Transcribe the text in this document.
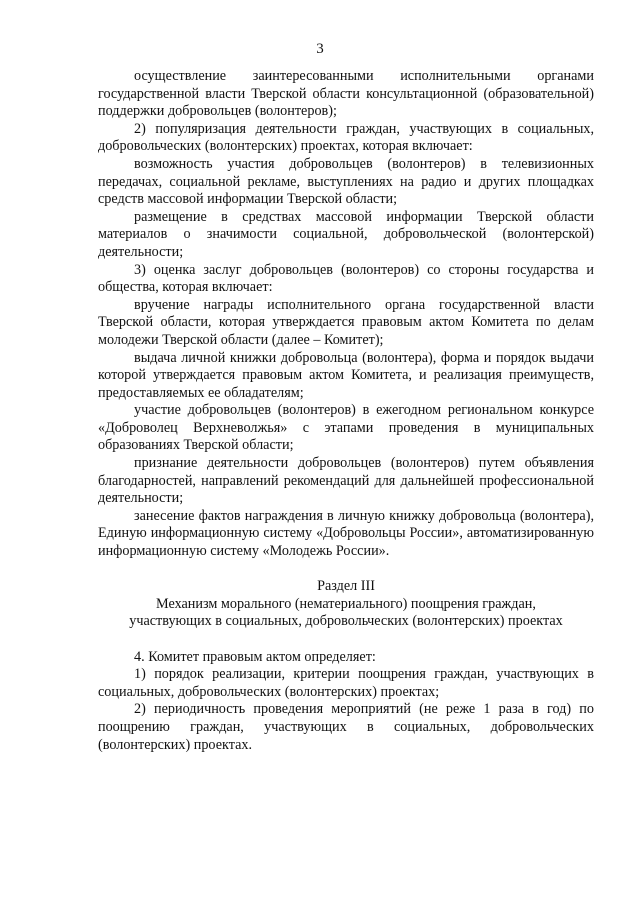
3

осуществление заинтересованными исполнительными органами государственной власти Тверской области консультационной (образовательной) поддержки добровольцев (волонтеров);

2) популяризация деятельности граждан, участвующих в социальных, добровольческих (волонтерских) проектах, которая включает:

возможность участия добровольцев (волонтеров) в телевизионных передачах, социальной рекламе, выступлениях на радио и других площадках средств массовой информации Тверской области;

размещение в средствах массовой информации Тверской области материалов о значимости социальной, добровольческой (волонтерской) деятельности;

3) оценка заслуг добровольцев (волонтеров) со стороны государства и общества, которая включает:

вручение награды исполнительного органа государственной власти Тверской области, которая утверждается правовым актом Комитета по делам молодежи Тверской области (далее – Комитет);

выдача личной книжки добровольца (волонтера), форма и порядок выдачи которой утверждается правовым актом Комитета, и реализация преимуществ, предоставляемых ее обладателям;

участие добровольцев (волонтеров) в ежегодном региональном конкурсе «Доброволец Верхневолжья» с этапами проведения в муниципальных образованиях Тверской области;

признание деятельности добровольцев (волонтеров) путем объявления благодарностей, направлений рекомендаций для дальнейшей профессиональной деятельности;

занесение фактов награждения в личную книжку добровольца (волонтера), Единую информационную систему «Добровольцы России», автоматизированную информационную систему «Молодежь России».

Раздел III

Механизм морального (нематериального) поощрения граждан,

участвующих в социальных, добровольческих (волонтерских) проектах

4. Комитет правовым актом определяет:

1) порядок реализации, критерии поощрения граждан, участвующих в социальных, добровольческих (волонтерских) проектах;

2) периодичность проведения мероприятий (не реже 1 раза в год) по поощрению граждан, участвующих в социальных, добровольческих (волонтерских) проектах.
